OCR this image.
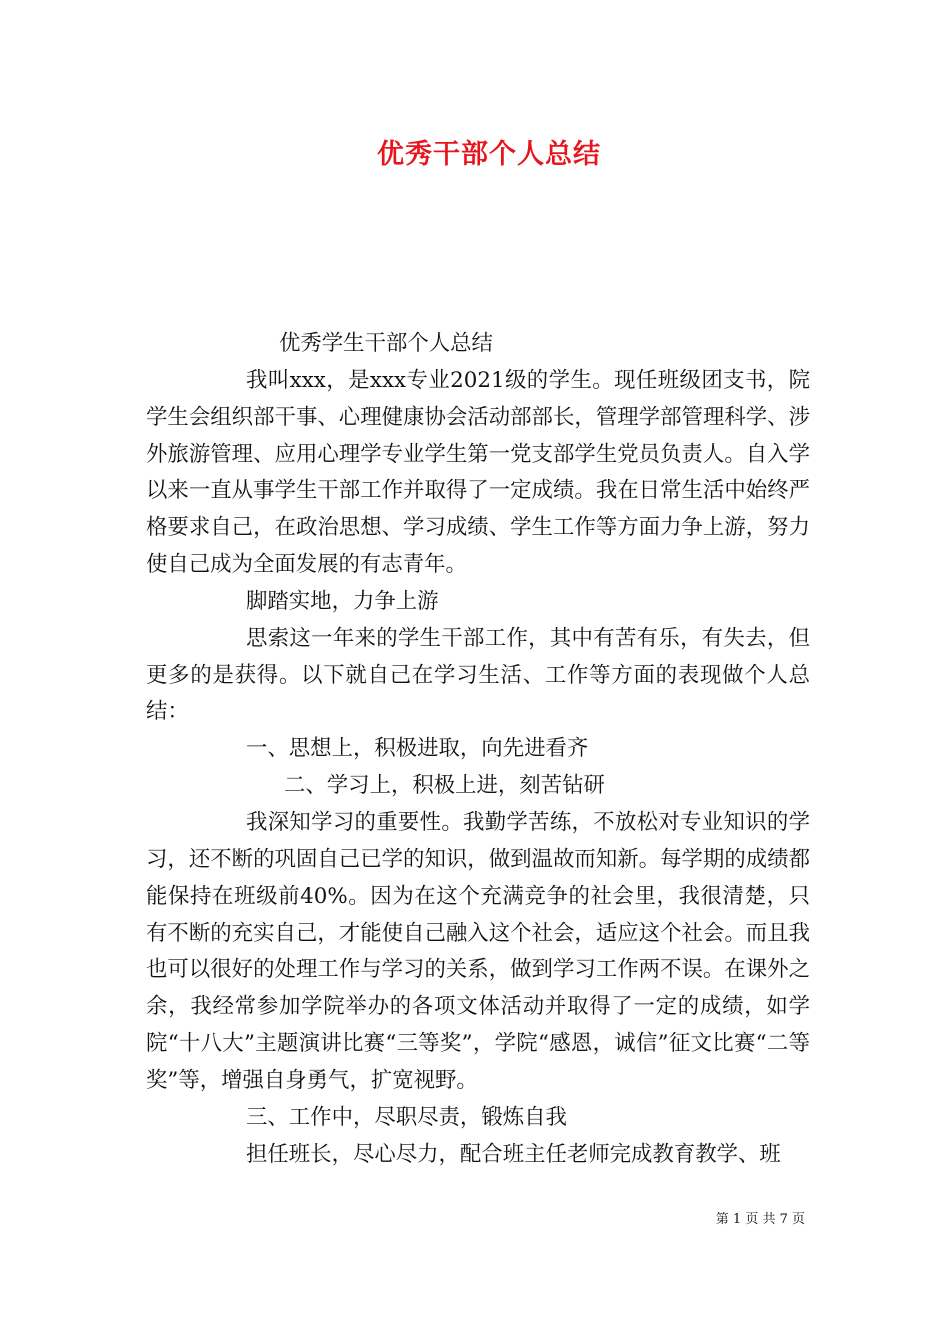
优秀干部个人总结

优秀学生干部个人总结

我叫xxx，是xxx专业2021级的学生。现任班级团支书，院学生会组织部干事、心理健康协会活动部部长，管理学部管理科学、涉外旅游管理、应用心理学专业学生第一党支部学生党员负责人。自入学以来一直从事学生干部工作并取得了一定成绩。我在日常生活中始终严格要求自己，在政治思想、学习成绩、学生工作等方面力争上游，努力使自己成为全面发展的有志青年。

脚踏实地，力争上游

思索这一年来的学生干部工作，其中有苦有乐，有失去，但更多的是获得。以下就自己在学习生活、工作等方面的表现做个人总结：

一、思想上，积极进取，向先进看齐

二、学习上，积极上进，刻苦钻研

我深知学习的重要性。我勤学苦练，不放松对专业知识的学习，还不断的巩固自己已学的知识，做到温故而知新。每学期的成绩都能保持在班级前40%。因为在这个充满竞争的社会里，我很清楚，只有不断的充实自己，才能使自己融入这个社会，适应这个社会。而且我也可以很好的处理工作与学习的关系，做到学习工作两不误。在课外之余，我经常参加学院举办的各项文体活动并取得了一定的成绩，如学院“十八大”主题演讲比赛“三等奖”，学院“感恩，诚信”征文比赛“二等奖”等，增强自身勇气，扩宽视野。

三、工作中，尽职尽责，锻炼自我

担任班长，尽心尽力，配合班主任老师完成教育教学、班

第 1 页 共 7 页
